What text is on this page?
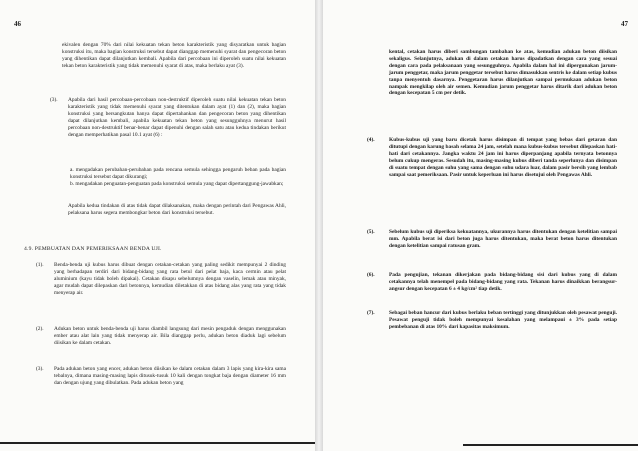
46

ekivalen dengan 70% dari nilai kekuatan tekan beton karakteristik yang disyaratkan untuk bagian konstruksi itu, maka bagian konstruksi tersebut dapat dianggap memenuhi syarat dan pengecoran beton yang dihentikan dapat dilanjutkan kembali. Apabila dari percobaan ini diperoleh suatu nilai kekuatan tekan beton karakteristik yang tidak memenuhi syarat di atas, maka berlaku ayat (3).

(3). Apabila dari hasil percobaan-percobaan non-destruktif diperoleh suatu nilai kekuatan tekan beton karakteristik yang tidak memenuhi syarat yang ditentukan dalam ayat (1) dan (2), maka bagian konstruksi yang bersangkutan hanya dapat dipertahankan dan pengecoran beton yang dihentikan dapat dilanjutkan kembali, apabila kekuatan tekan beton yang sesungguhnya menurut hasil percobaan non-destruktif benar-benar dapat dipenuhi dengan salah satu atau kedua tindakan berikut dengan memperhatikan pasal 10.1 ayat (6) :

a. mengadakan perubahan-perubahan pada rencana semula sehingga pengaruh beban pada bagian konstruksi tersebut dapat dikurangi;
b. mengadakan penguatan-penguatan pada konstruksi semula yang dapat dipertanggung-jawabkan;

Apabila kedua tindakan di atas tidak dapat dilaksanakan, maka dengan perintah dari Pengawas Ahli, pelaksana harus segera membongkar beton dari konstruksi tersebut.

4.9. PEMBUATAN DAN PEMERIKSAAN BENDA UJI.
(1). Benda-benda uji kubus harus dibuat dengan cetakan-cetakan yang paling sedikit mempunyai 2 dinding yang berhadapan terdiri dari bidang-bidang yang rata betul dari pelat baja, kaca cermin atau pelat aluminium (kayu tidak boleh dipakai). Cetakan disapu sebelumnya dengan vaselin, lemak atau minyak, agar mudah dapat dilepaskan dari betonnya, kemudian diletakkan di atas bidang alas yang rata yang tidak menyerap air.

(2). Adukan beton untuk benda-benda uji harus diambil langsung dari mesin pengaduk dengan menggunakan ember atau alat lain yang tidak menyerap air. Bila dianggap perlu, adukan beton diaduk lagi sebelum diisikan ke dalam cetakan.

(3). Pada adukan beton yang encer, adukan beton diisikan ke dalam cetakan dalam 3 lapis yang kira-kira sama tebalnya, dimana masing-masing lapis ditusuk-tusuk 10 kali dengan tongkat baja dengan diameter 16 mm dan dengan ujung yang dibulatkan. Pada adukan beton yang

47

kental, cetakan harus diberi sambungan tambahan ke atas, kemudian adukan beton diisikan sekaligus. Selanjutnya, adukan di dalam cetakan harus dipadatkan dengan cara yang sesuai dengan cara pada pelaksanaan yang sesungguhnya. Apabila dalam hal ini dipergunakan jarum-jarum penggetar, maka jarum penggetar tersebut harus dimasukkan sentris ke dalam setiap kubus tanpa menyentuh dasarnya. Penggetaran harus dilanjutkan sampai permukaan adukan beton nampak mengkilap oleh air semen. Kemudian jarum penggetar harus ditarik dari adukan beton dengan kecepatan 5 cm per detik.

(4).	Kubus-kubus uji yang baru dicetak harus disimpan di tempat yang bebas dari getaran dan ditutupi dengan karung basah selama 24 jam, setelah mana kubus-kubus tersebut dilepaskan hati-hati dari cetakannya. Jangka waktu 24 jam ini harus diperpanjang apabila ternyata betonnya belum cukup mengeras. Sesudah itu, masing-masing kubus diberi tanda seperlunya dan disimpan di suatu tempat dengan suhu yang sama dengan suhu udara luar, dalam pasir bersih yang lembab sampai saat pemeriksaan. Pasir untuk keperluan ini harus disetujui oleh Pengawas Ahli.

(5).	Sebelum kubus uji diperiksa kekuatannya, ukurannya harus ditentukan dengan ketelitian sampai mm. Apabila berat isi dari beton juga harus ditentukan, maka berat beton harus ditentukan dengan ketelitian sampai ratusan gram.

(6).	Pada pengujian, tekanan dikerjakan pada bidang-bidang sisi dari kubus yang di dalam cetakannya telah menempel pada bidang-bidang yang rata. Tekanan harus dinaikkan berangsur-angsur dengan kecepatan 6 ± 4 kg/cm² tiap detik.

(7).	Sebagai beban hancur dari kubus berlaku beban tertinggi yang ditunjukkan oleh pesawat penguji. Pesawat penguji tidak boleh mempunyai kesalahan yang melampaui ± 3% pada setiap pembebanan di atas 10% dari kapasitas maksimum.
